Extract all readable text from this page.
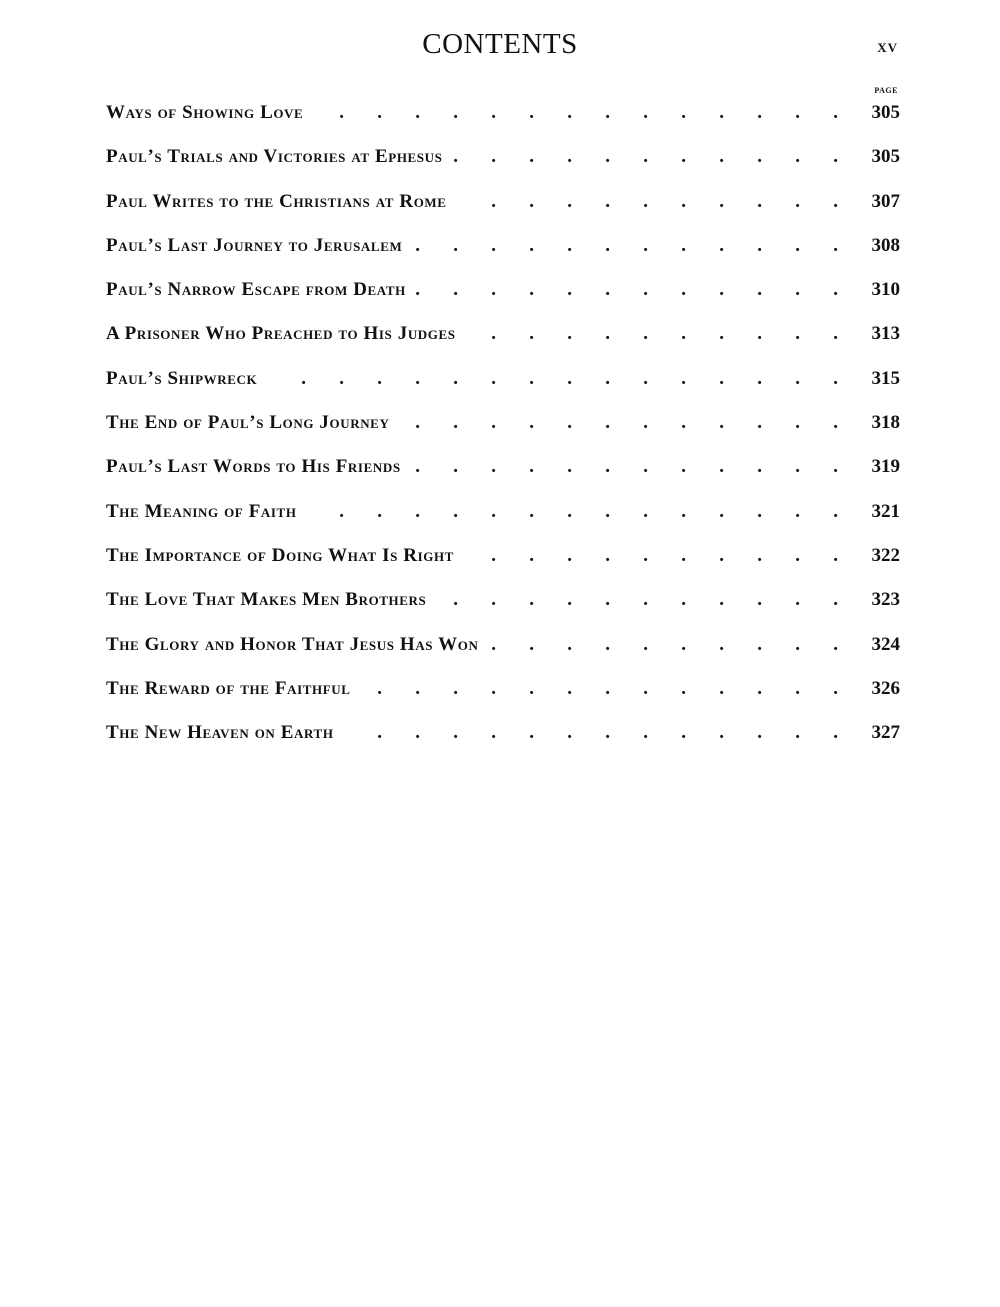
CONTENTS	xv
PAGE
Ways of Showing Love .	305
Paul’s Trials and Victories at Ephesus .	305
Paul Writes to the Christians at Rome .	307
Paul’s Last Journey to Jerusalem .	308
Paul’s Narrow Escape from Death .	310
A Prisoner Who Preached to His Judges .	313
Paul’s Shipwreck .	315
The End of Paul’s Long Journey .	318
Paul’s Last Words to His Friends .	319
The Meaning of Faith .	321
The Importance of Doing What Is Right .	322
The Love That Makes Men Brothers .	323
The Glory and Honor That Jesus Has Won .	324
The Reward of the Faithful .	326
The New Heaven on Earth .	327
